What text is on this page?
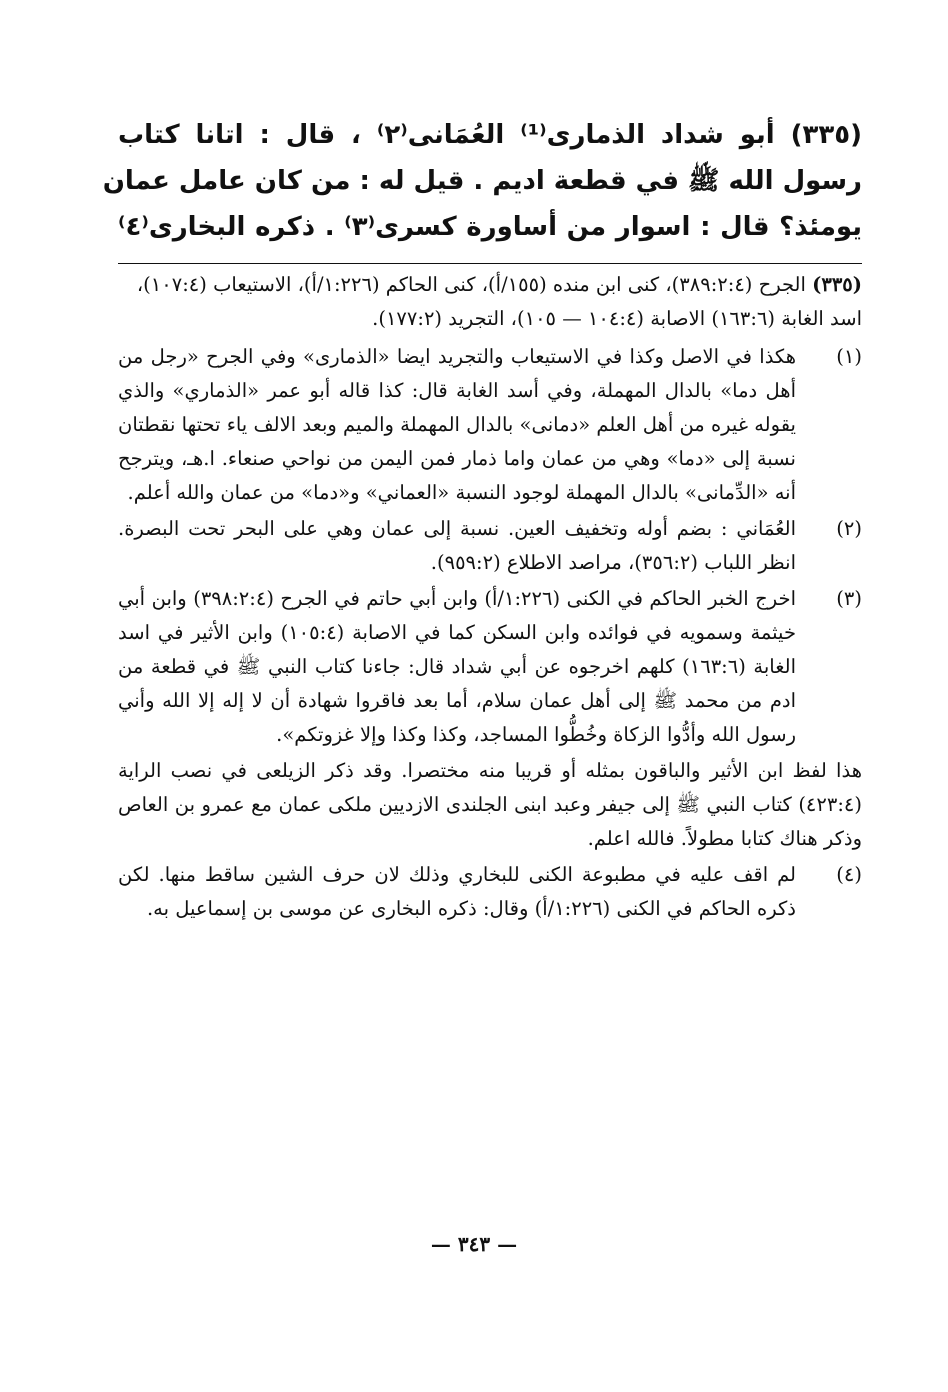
(٣٣٥) أبو شداد الذماری⁽¹⁾ العُمَانی⁽٢⁾ ، قال : اتانا كتاب
رسول الله ﷺ في قطعة اديم . قيل له : من كان عامل عمان
يومئذ؟ قال : اسوار من أساورة كسرى⁽٣⁾ . ذكره البخاری⁽٤⁾
(٣٣٥) الجرح (٣٨٩:٢:٤)، كنى ابن منده (١٥٥/أ)، كنى الحاكم (١:٢٢٦/أ)، الاستيعاب (١٠٧:٤)، اسد الغابة (١٦٣:٦) الاصابة (١٠٤:٤ — ١٠٥)، التجريد (١٧٧:٢).
(١)
هكذا في الاصل وكذا في الاستيعاب والتجريد ايضا «الذماری» وفي الجرح «رجل من أهل دما» بالدال المهملة، وفي أسد الغابة قال: كذا قاله أبو عمر «الذماري» والذي يقوله غيره من أهل العلم «دمانی» بالدال المهملة والميم وبعد الالف ياء تحتها نقطتان نسبة إلى «دما» وهي من عمان واما ذمار فمن اليمن من نواحي صنعاء. ا.هـ، ويترجح أنه «الدِّمانی» بالدال المهملة لوجود النسبة «العماني» و«دما» من عمان والله أعلم.
(٢)
العُمَاني : بضم أوله وتخفيف العين. نسبة إلى عمان وهي على البحر تحت البصرة. انظر اللباب (٣٥٦:٢)، مراصد الاطلاع (٩٥٩:٢).
(٣)
اخرج الخبر الحاكم في الكنى (١:٢٢٦/أ) وابن أبي حاتم في الجرح (٣٩٨:٢:٤) وابن أبي خيثمة وسمويه في فوائده وابن السكن كما في الاصابة (١٠٥:٤) وابن الأثير في اسد الغابة (١٦٣:٦) كلهم اخرجوه عن أبي شداد قال: جاءنا كتاب النبي ﷺ في قطعة من ادم من محمد ﷺ إلى أهل عمان سلام، أما بعد فاقروا شهادة أن لا إله إلا الله وأني رسول الله وأدُّوا الزكاة وخُطُّوا المساجد، وكذا وكذا وإلا غزوتكم».
هذا لفظ ابن الأثير والباقون بمثله أو قريبا منه مختصرا. وقد ذكر الزيلعی في نصب الراية (٤٢٣:٤) كتاب النبي ﷺ إلى جيفر وعبد ابنى الجلندى الازديين ملكى عمان مع عمرو بن العاص وذكر هناك كتابا مطولاً. فالله اعلم.
(٤)
لم اقف عليه في مطبوعة الكنى للبخاري وذلك لان حرف الشين ساقط منها. لكن ذكره الحاكم في الكنى (١:٢٢٦/أ) وقال: ذكره البخاری عن موسى بن إسماعيل به.
— ٣٤٣ —
